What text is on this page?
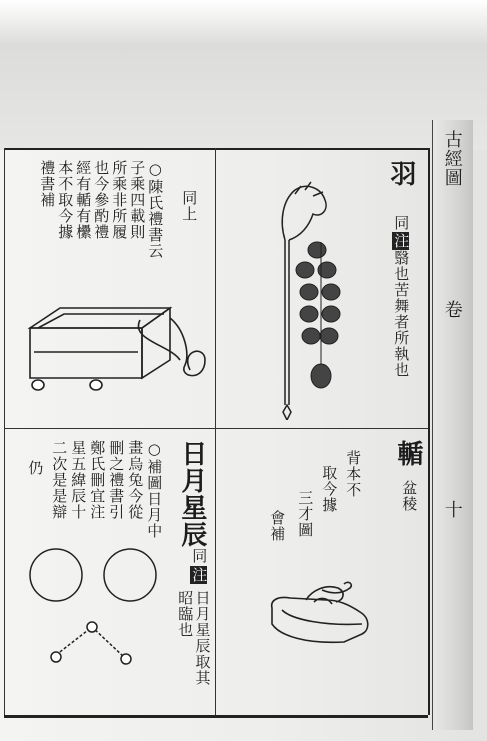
古經圖
卷
十
同上
○陳氏禮書云
子乘四載則
所乘非所履
也今參酌禮
經有輴有欙
本不取今據
禮書補	羽
同
注
翳也苦舞者所執也
日月星辰
同
注
日月星辰取其昭臨也
○補圖日月中
畫烏兔今從
刪之禮書引
鄭氏刪宜注
星五緯辰十
二次是是辯
仍
輴
盆稜
背本不
取今據
三才圖
會補
